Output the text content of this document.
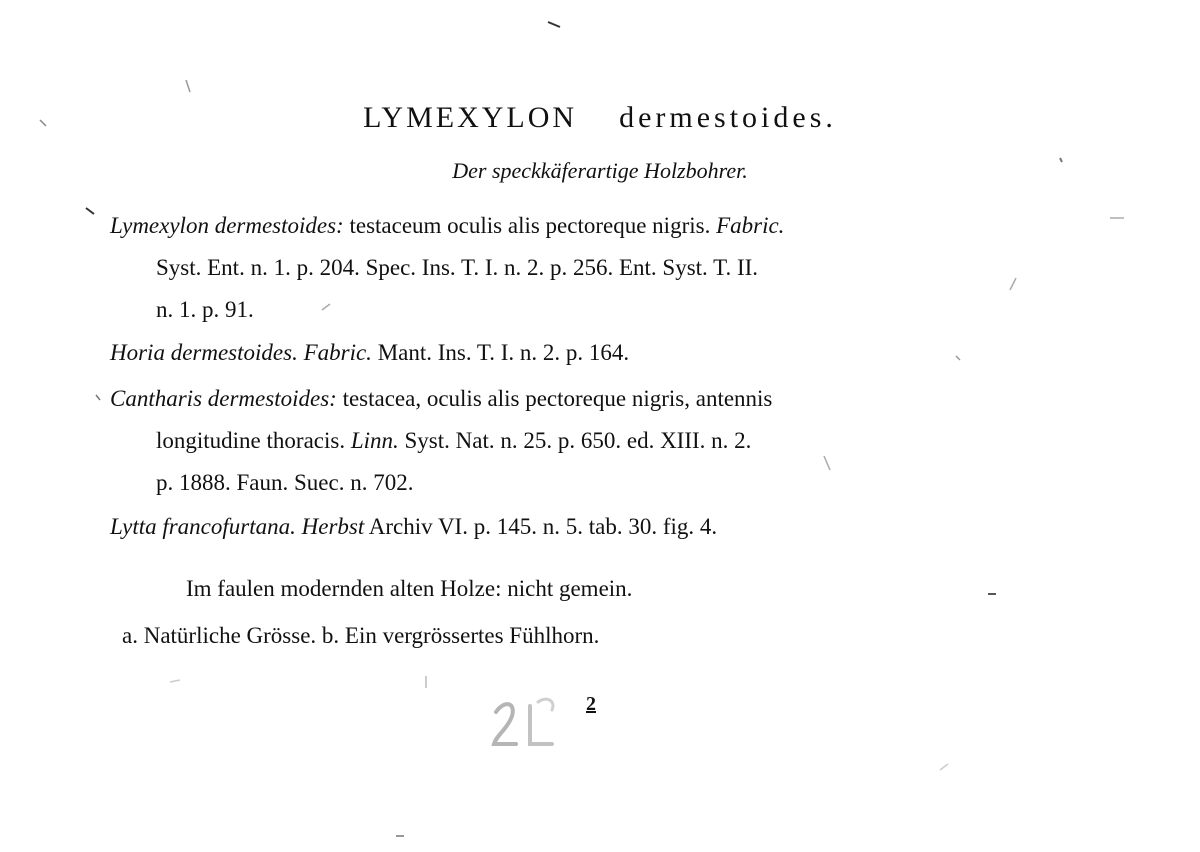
LYMEXYLON dermestoides.
Der speckkäferartige Holzbohrer.
Lymexylon dermestoides: testaceum oculis alis pectoreque nigris. Fabric.
Syst. Ent. n. 1. p. 204. Spec. Ins. T. I. n. 2. p. 256. Ent. Syst. T. II.
n. 1. p. 91.
Horia dermestoides. Fabric. Mant. Ins. T. I. n. 2. p. 164.
Cantharis dermestoides: testacea, oculis alis pectoreque nigris, antennis
longitudine thoracis. Linn. Syst. Nat. n. 25. p. 650. ed. XIII. n. 2.
p. 1888. Faun. Suec. n. 702.
Lytta francofurtana. Herbst Archiv VI. p. 145. n. 5. tab. 30. fig. 4.
Im faulen modernden alten Holze: nicht gemein.
a. Natürliche Grösse. b. Ein vergrössertes Fühlhorn.
2
